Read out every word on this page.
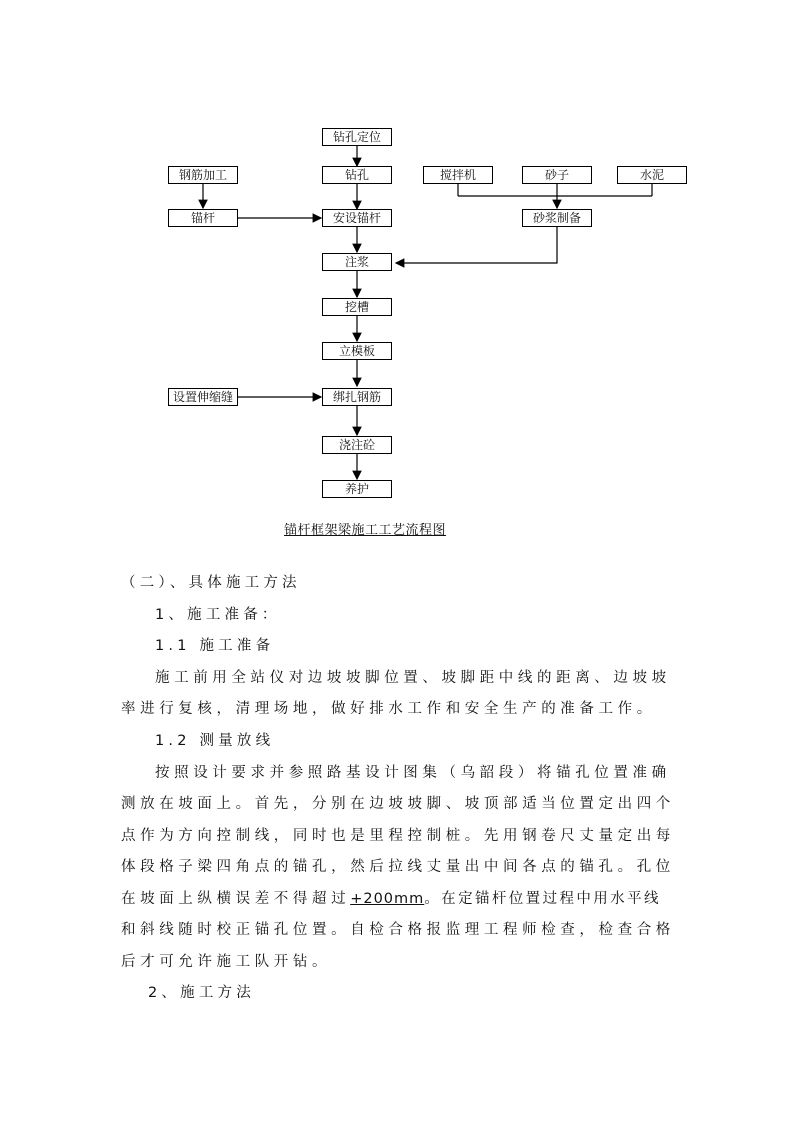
钻孔定位
钻孔
钢筋加工
锚杆	安设锚杆
搅拌机	砂子	水泥
砂浆制备
注浆
挖槽
立模板
设置伸缩缝	绑扎钢筋
浇注砼
养护
锚杆框架梁施工工艺流程图
（二）、具体施工方法
1、施工准备：
1.1 施工准备
施工前用全站仪对边坡坡脚位置、坡脚距中线的距离、边坡坡
率进行复核，清理场地，做好排水工作和安全生产的准备工作。
1.2 测量放线
按照设计要求并参照路基设计图集（乌韶段）将锚孔位置准确
测放在坡面上。首先，分别在边坡坡脚、坡顶部适当位置定出四个
点作为方向控制线，同时也是里程控制桩。先用钢卷尺丈量定出每
体段格子梁四角点的锚孔，然后拉线丈量出中间各点的锚孔。孔位
在坡面上纵横误差不得超过+200mm。在定锚杆位置过程中用水平线
和斜线随时校正锚孔位置。自检合格报监理工程师检查，检查合格
后才可允许施工队开钻。
2、施工方法
